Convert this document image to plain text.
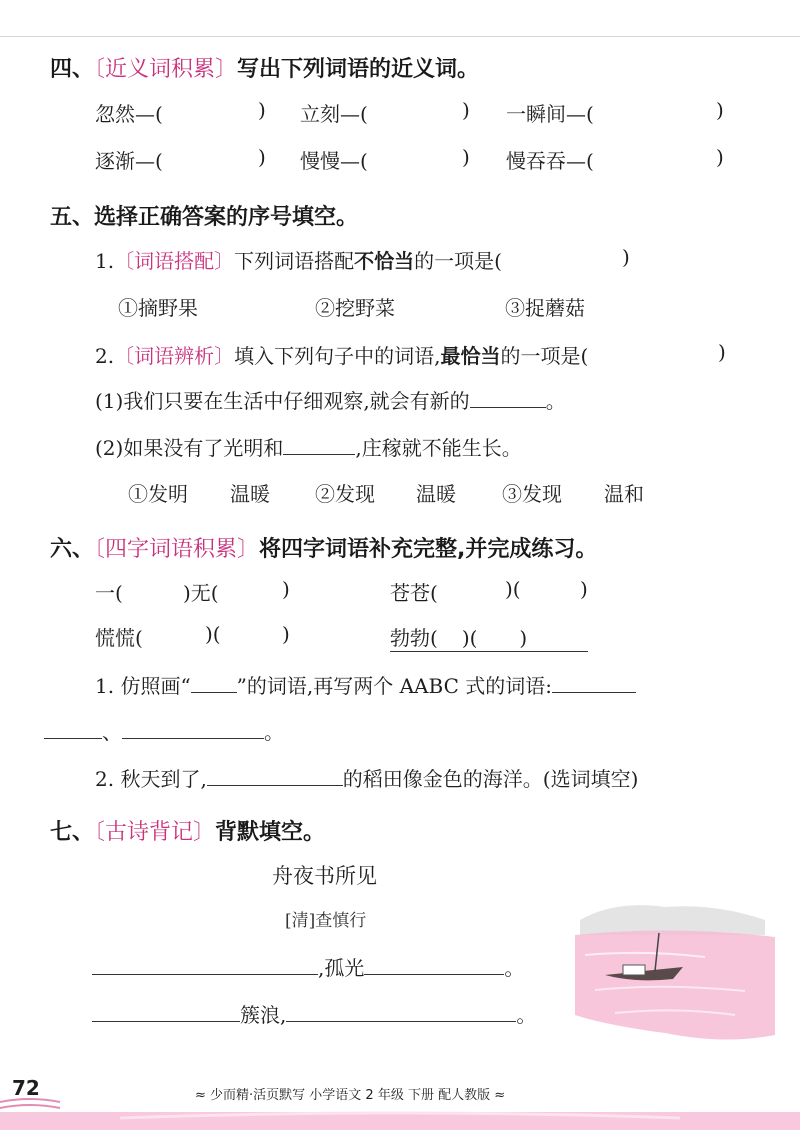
四、〔近义词积累〕写出下列词语的近义词。
忽然—(	) 立刻—(	) 一瞬间—(	)
逐渐—(	) 慢慢—(	) 慢吞吞—(	)
五、选择正确答案的序号填空。
1.〔词语搭配〕下列词语搭配不恰当的一项是(	)
①摘野果	②挖野菜	③捉蘑菇
2.〔词语辨析〕填入下列句子中的词语,最恰当的一项是(	)
(1)我们只要在生活中仔细观察,就会有新的	。
(2)如果没有了光明和	,庄稼就不能生长。
①发明 温暖 ②发现 温暖 ③发现 温和
六、〔四字词语积累〕将四字词语补充完整,并完成练习。
一(	)无(	)	苍苍(	)(	)
慌慌(	)(	)	勃勃( )( )
1. 仿照画“ ”的词语,再写两个 AABC 式的词语:
、	。
2. 秋天到了,	的稻田像金色的海洋。(选词填空)
七、〔古诗背记〕背默填空。
舟夜书所见
[清]查慎行
,孤光	。
簇浪,	。
72	≈ 少而精·活页默写 小学语文 2 年级 下册 配人教版 ≈
